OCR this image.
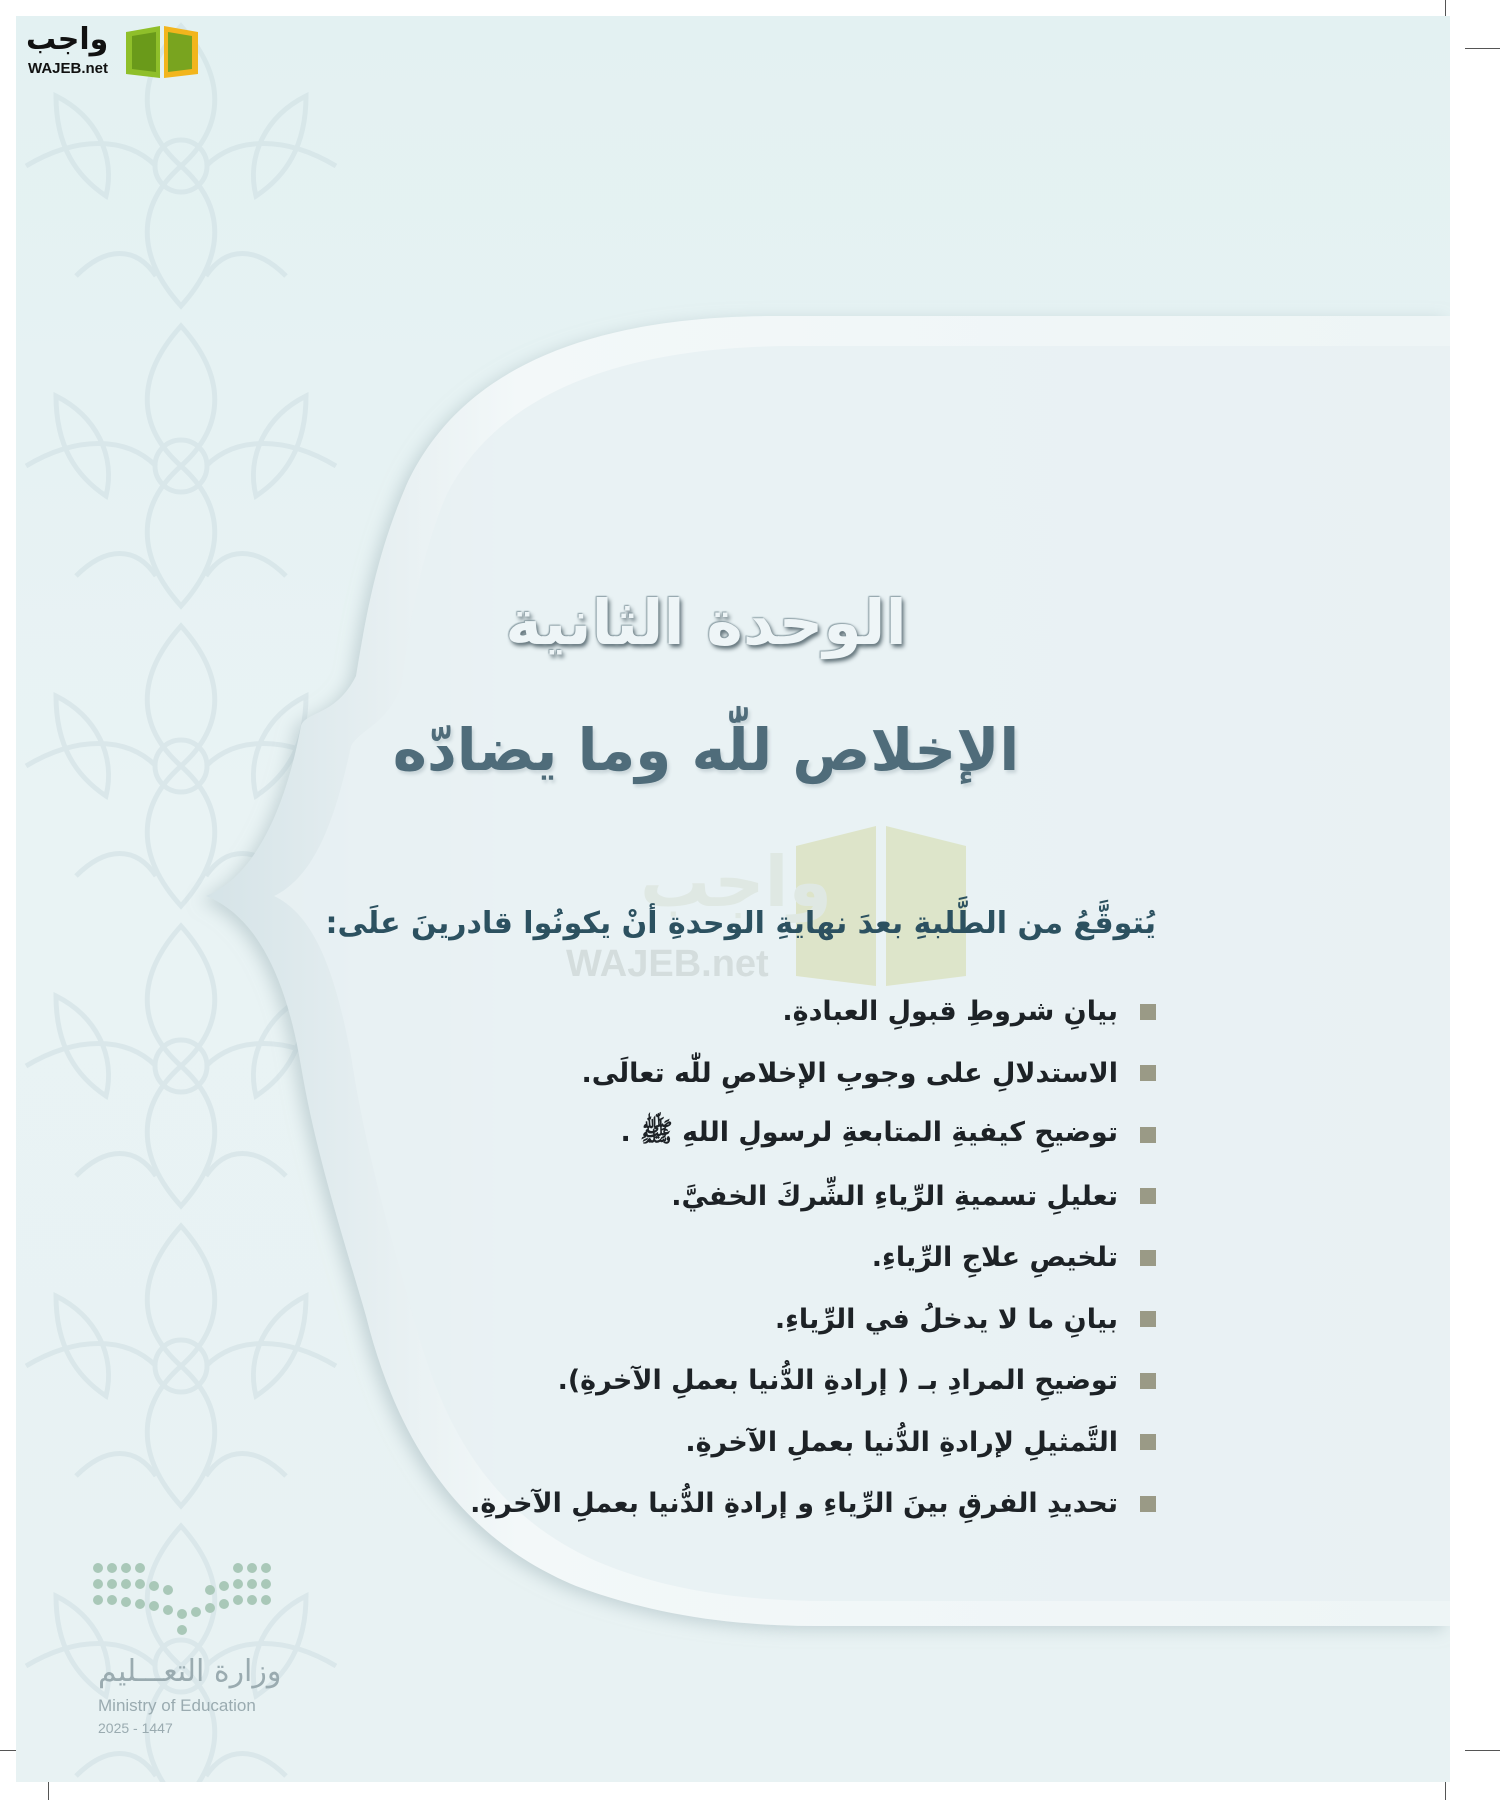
واجب
WAJEB.net
الوحدة الثانية
الإخلاص للّٰه وما يضادّه
واجب
WAJEB.net
يُتوقَّعُ من الطَّلبةِ بعدَ نهايةِ الوحدةِ أنْ يكونُوا قادرينَ علَى:
بيانِ شروطِ قبولِ العبادةِ.
الاستدلالِ على وجوبِ الإخلاصِ للّٰه تعالَى.
توضيحِ كيفيةِ المتابعةِ لرسولِ اللهِ ﷺ .
تعليلِ تسميةِ الرِّياءِ الشِّركَ الخفيَّ.
تلخيصِ علاجِ الرِّياءِ.
بيانِ ما لا يدخلُ في الرِّياءِ.
توضيحِ المرادِ بـ ( إرادةِ الدُّنيا بعملِ الآخرةِ).
التَّمثيلِ لإرادةِ الدُّنيا بعملِ الآخرةِ.
تحديدِ الفرقِ بينَ الرِّياءِ و إرادةِ الدُّنيا بعملِ الآخرةِ.
وزارة التعـــليم
Ministry of Education
2025 - 1447
